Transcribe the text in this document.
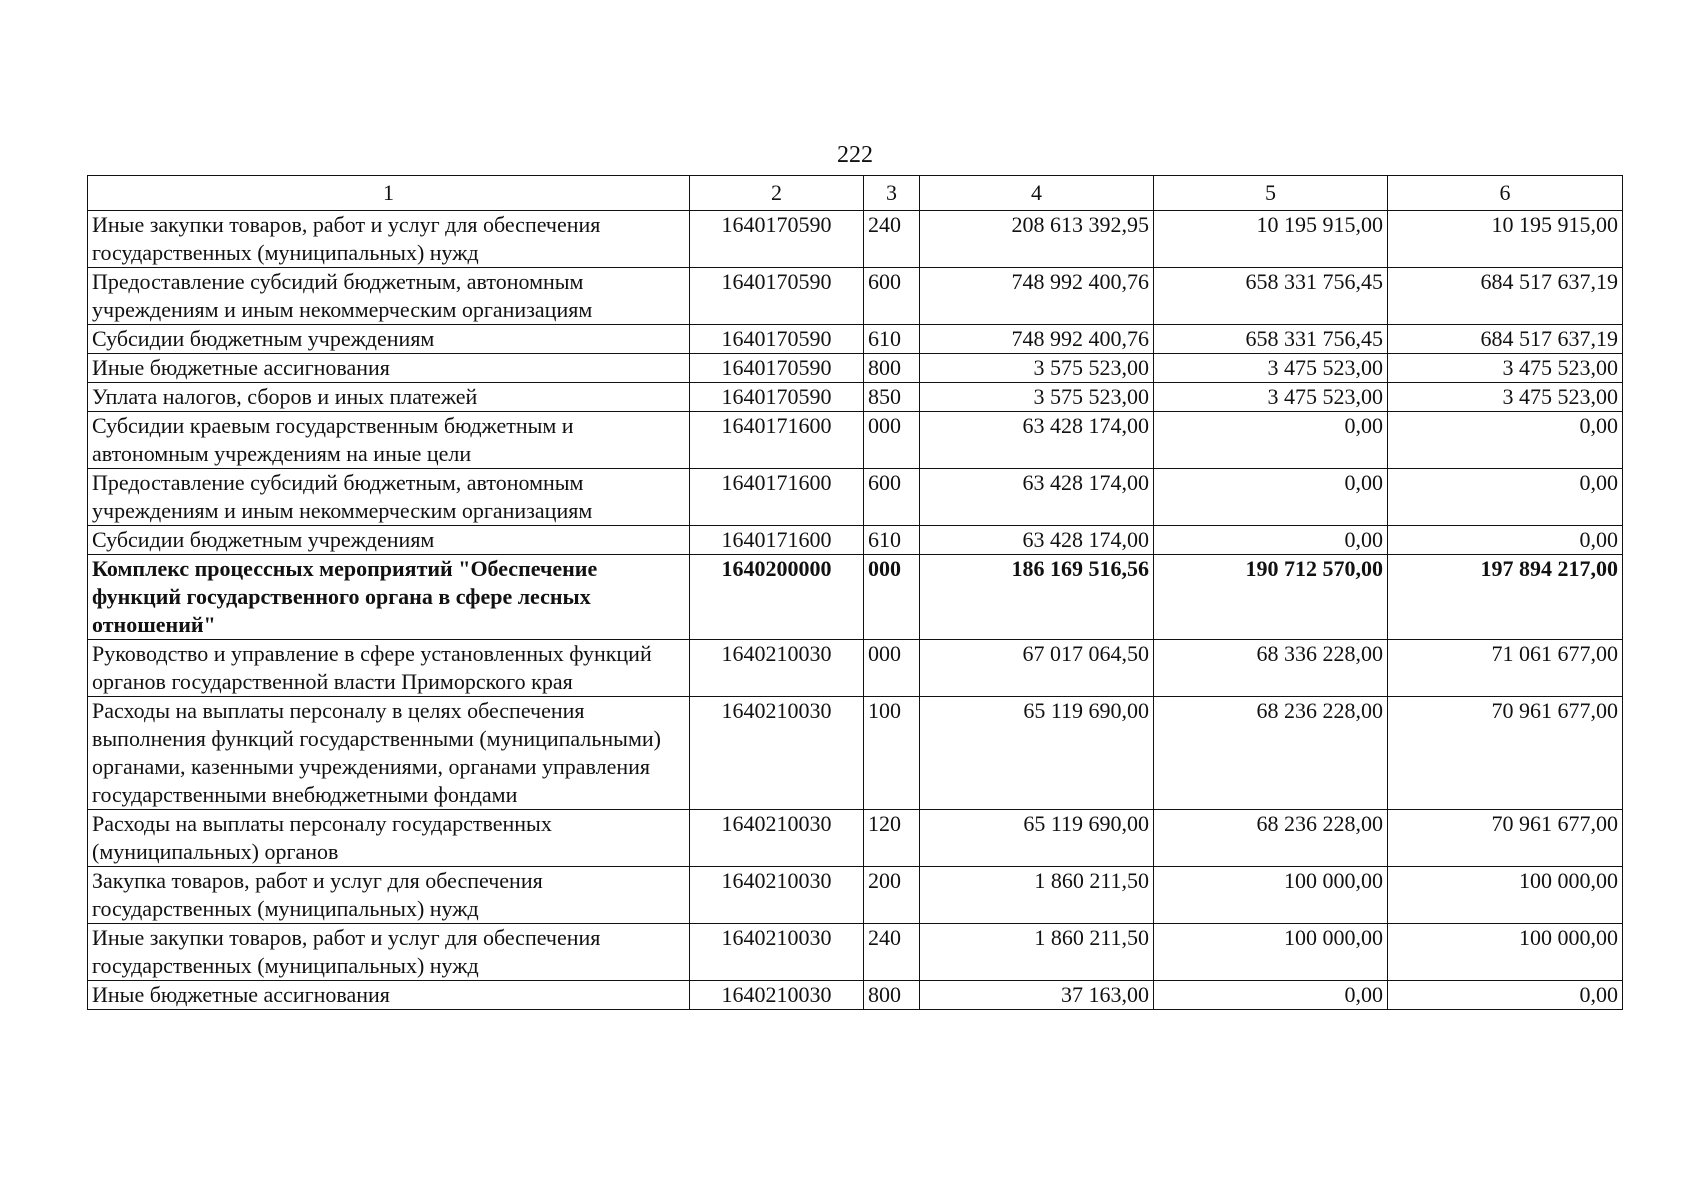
222
1	2	3	4	5	6
Иные закупки товаров, работ и услуг для обеспечения государственных (муниципальных) нужд	1640170590	240	208 613 392,95	10 195 915,00	10 195 915,00
Предоставление субсидий бюджетным, автономным учреждениям и иным некоммерческим организациям	1640170590	600	748 992 400,76	658 331 756,45	684 517 637,19
Субсидии бюджетным учреждениям	1640170590	610	748 992 400,76	658 331 756,45	684 517 637,19
Иные бюджетные ассигнования	1640170590	800	3 575 523,00	3 475 523,00	3 475 523,00
Уплата налогов, сборов и иных платежей	1640170590	850	3 575 523,00	3 475 523,00	3 475 523,00
Субсидии краевым государственным бюджетным и автономным учреждениям на иные цели	1640171600	000	63 428 174,00	0,00	0,00
Предоставление субсидий бюджетным, автономным учреждениям и иным некоммерческим организациям	1640171600	600	63 428 174,00	0,00	0,00
Субсидии бюджетным учреждениям	1640171600	610	63 428 174,00	0,00	0,00
Комплекс процессных мероприятий "Обеспечение функций государственного органа в сфере лесных отношений"	1640200000	000	186 169 516,56	190 712 570,00	197 894 217,00
Руководство и управление в сфере установленных функций органов государственной власти Приморского края	1640210030	000	67 017 064,50	68 336 228,00	71 061 677,00
Расходы на выплаты персоналу в целях обеспечения выполнения функций государственными (муниципальными) органами, казенными учреждениями, органами управления государственными внебюджетными фондами	1640210030	100	65 119 690,00	68 236 228,00	70 961 677,00
Расходы на выплаты персоналу государственных (муниципальных) органов	1640210030	120	65 119 690,00	68 236 228,00	70 961 677,00
Закупка товаров, работ и услуг для обеспечения государственных (муниципальных) нужд	1640210030	200	1 860 211,50	100 000,00	100 000,00
Иные закупки товаров, работ и услуг для обеспечения государственных (муниципальных) нужд	1640210030	240	1 860 211,50	100 000,00	100 000,00
Иные бюджетные ассигнования	1640210030	800	37 163,00	0,00	0,00
